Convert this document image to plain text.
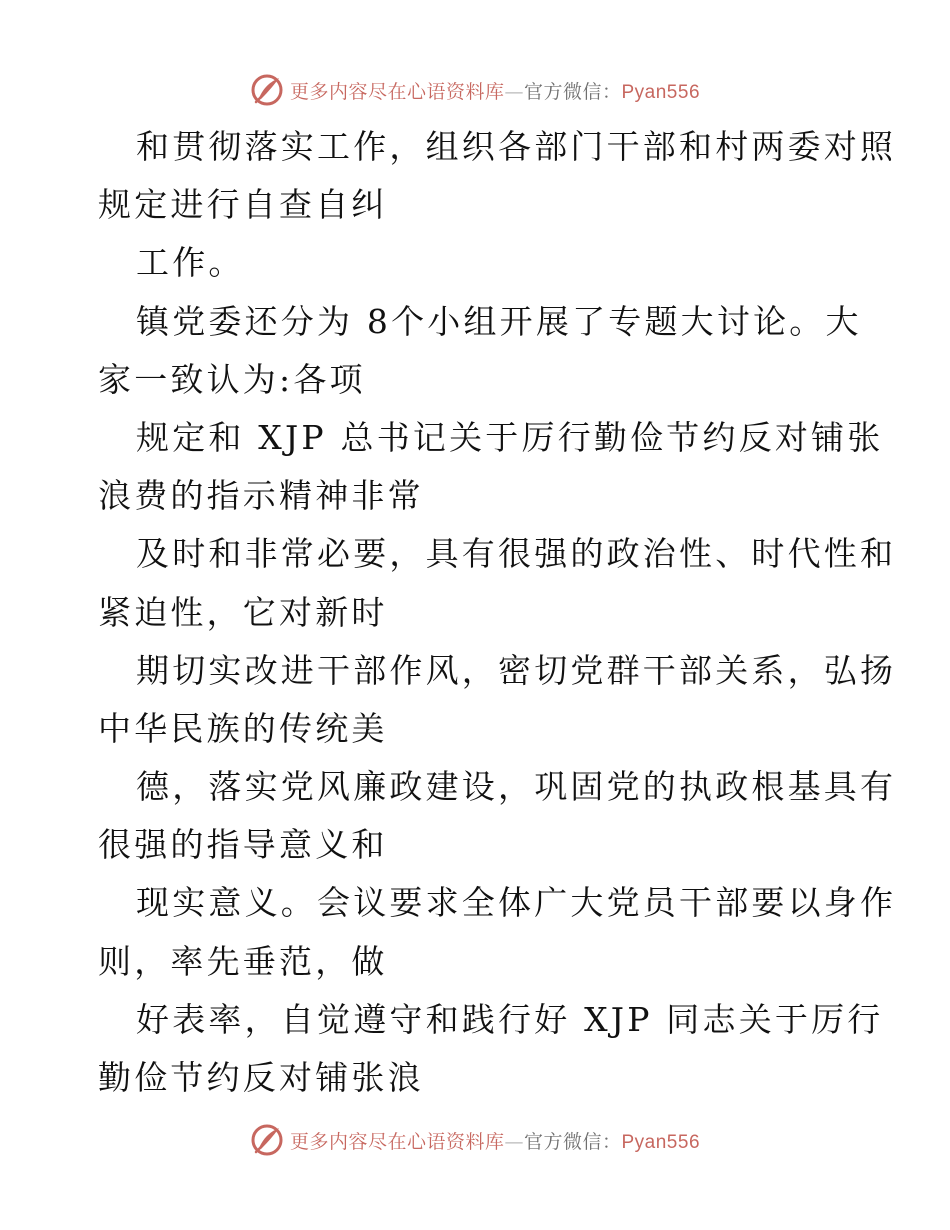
更多内容尽在心语资料库—官方微信：Pyan556
和贯彻落实工作，组织各部门干部和村两委对照
规定进行自查自纠
工作。
镇党委还分为 8个小组开展了专题大讨论。大
家一致认为:各项
规定和 XJP 总书记关于厉行勤俭节约反对铺张
浪费的指示精神非常
及时和非常必要，具有很强的政治性、时代性和
紧迫性，它对新时
期切实改进干部作风，密切党群干部关系，弘扬
中华民族的传统美
德，落实党风廉政建设，巩固党的执政根基具有
很强的指导意义和
现实意义。会议要求全体广大党员干部要以身作
则，率先垂范，做
好表率，自觉遵守和践行好 XJP 同志关于厉行
勤俭节约反对铺张浪
更多内容尽在心语资料库—官方微信：Pyan556
